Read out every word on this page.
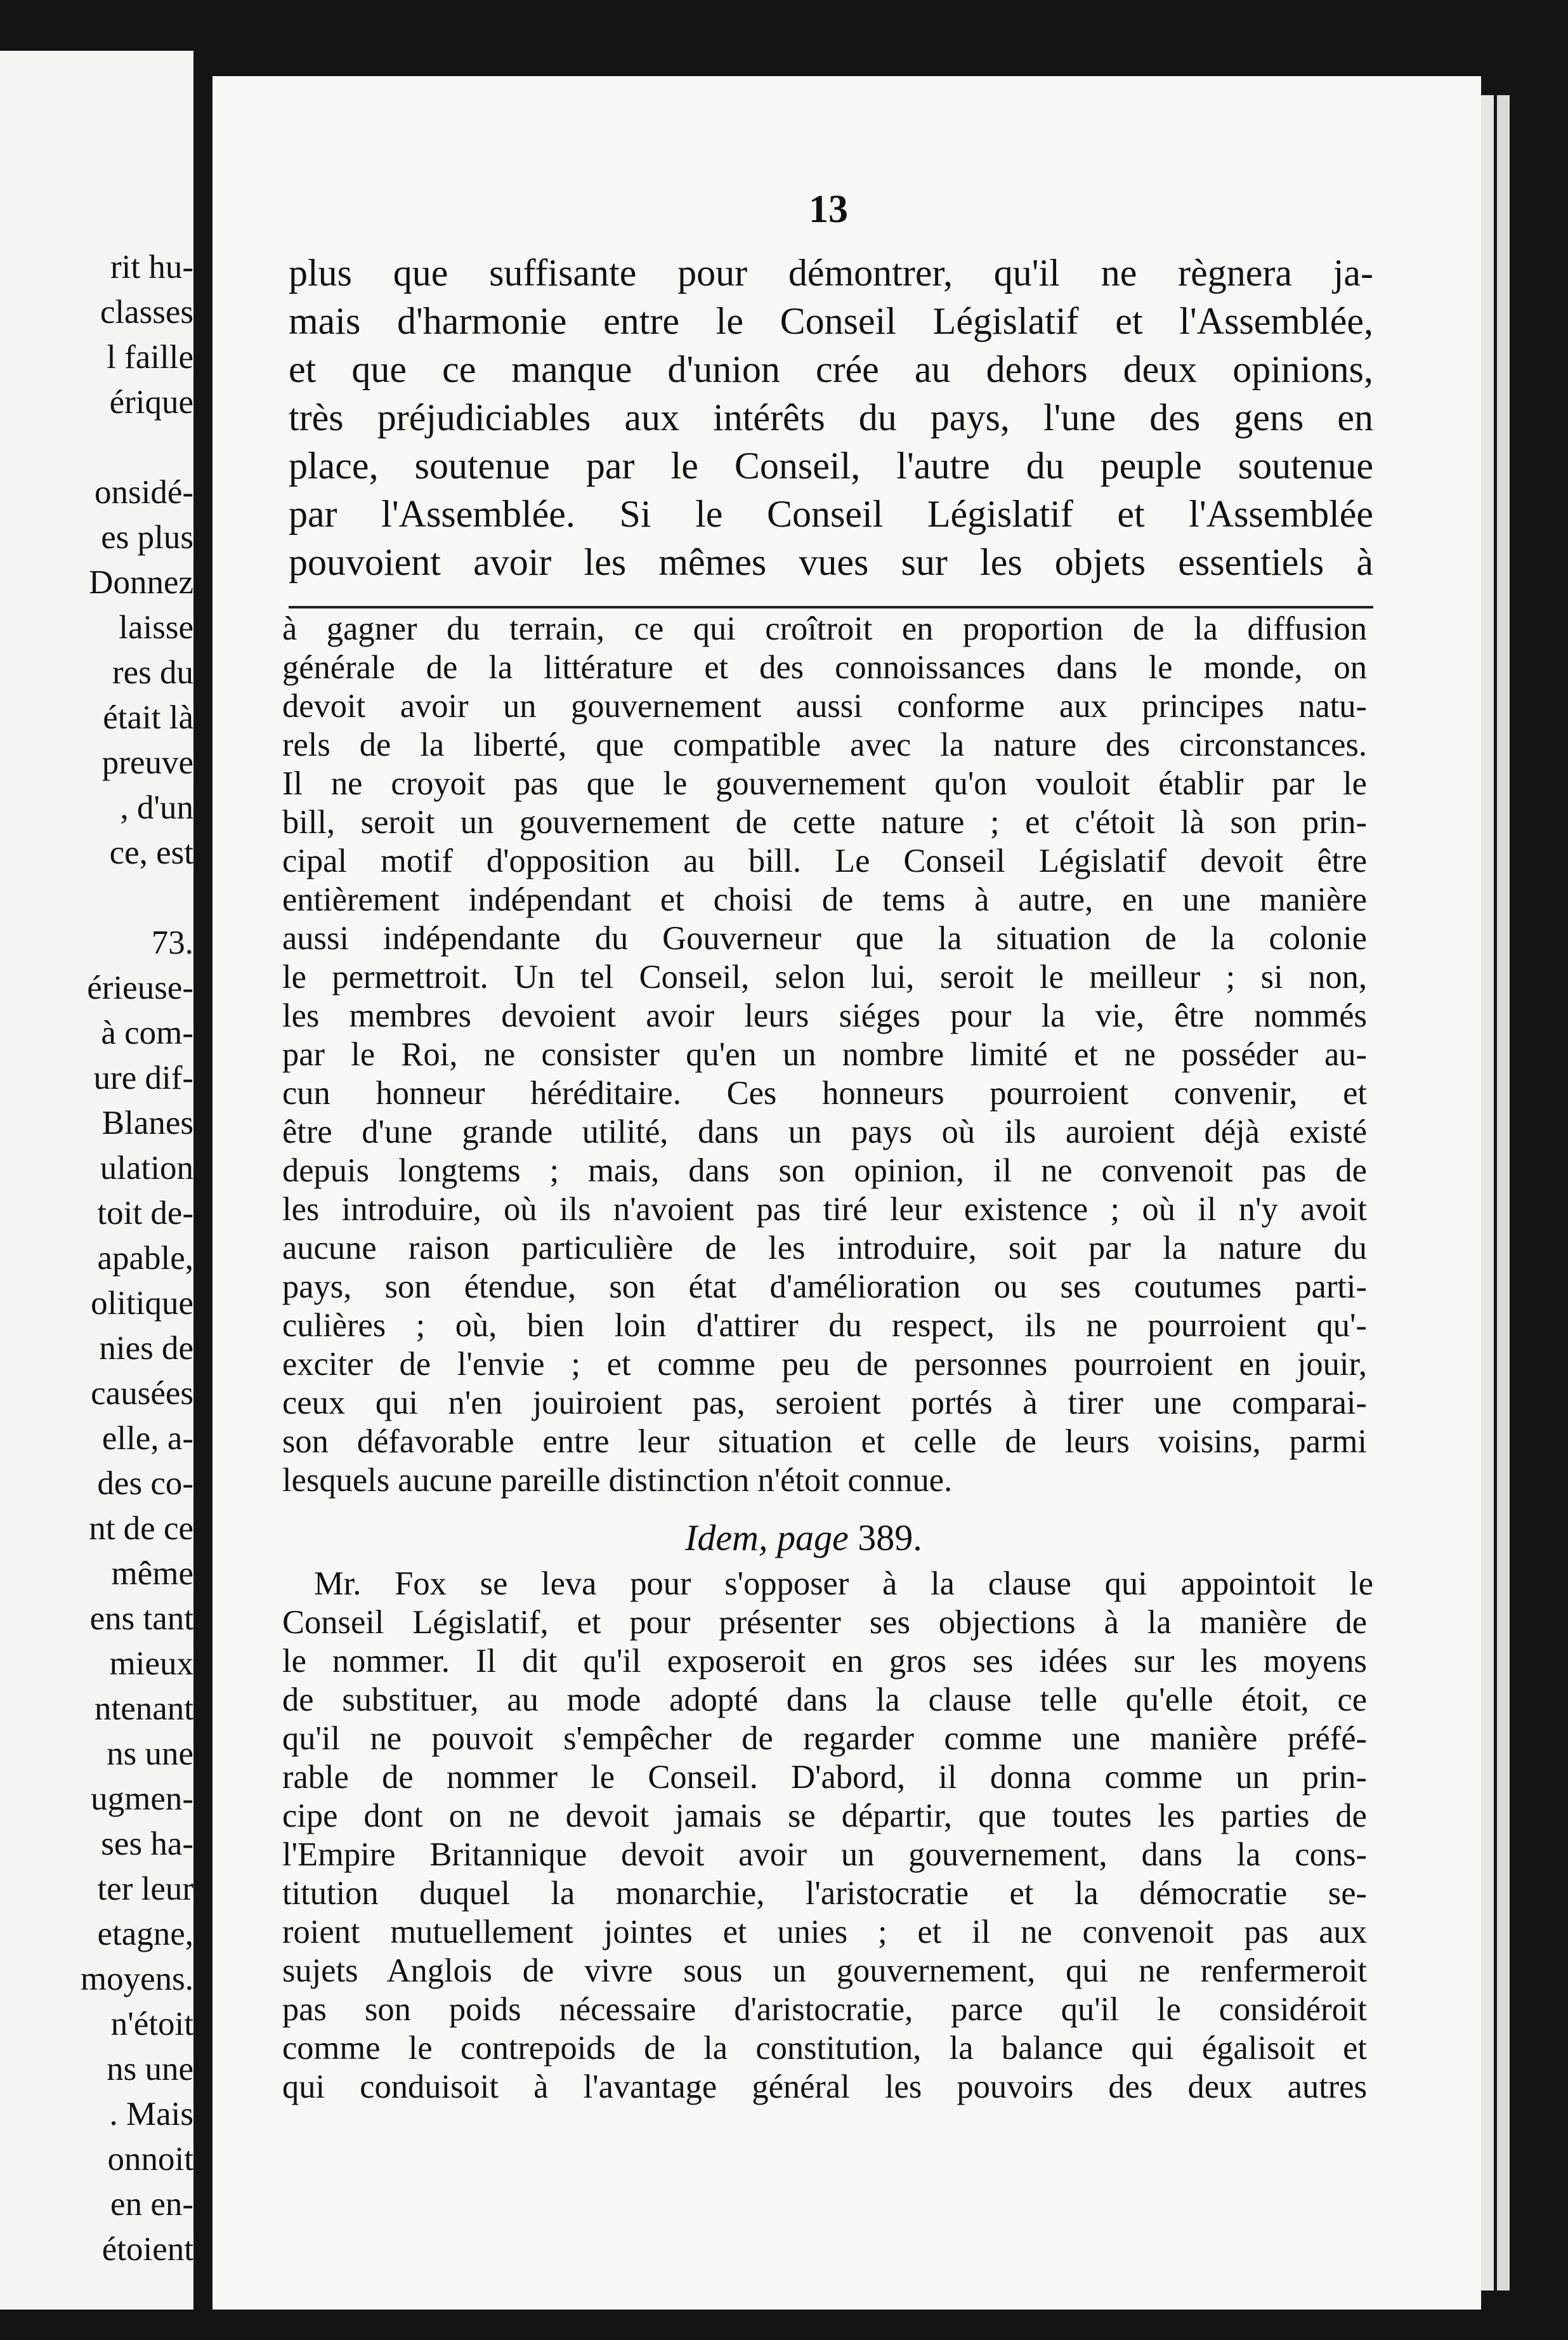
rit hu-
classes
l faille
érique
onsidé-
es plus
Donnez
laisse
res du
était là
preuve
, d'un
ce, est
73.
érieuse-
à com-
ure dif-
Blanes
ulation
toit de-
apable,
olitique
nies de
causées
elle, a-
des co-
nt de ce
même
ens tant
mieux
ntenant
ns une
ugmen-
ses ha-
ter leur
etagne,
moyens.
n'étoit
ns une
. Mais
onnoit
en en-
étoient
13
plus que suffisante pour démontrer, qu'il ne règnera ja-
mais d'harmonie entre le Conseil Législatif et l'Assemblée,
et que ce manque d'union crée au dehors deux opinions,
très préjudiciables aux intérêts du pays, l'une des gens en
place, soutenue par le Conseil, l'autre du peuple soutenue
par l'Assemblée. Si le Conseil Législatif et l'Assemblée
pouvoient avoir les mêmes vues sur les objets essentiels à
à gagner du terrain, ce qui croîtroit en proportion de la diffusion
générale de la littérature et des connoissances dans le monde, on
devoit avoir un gouvernement aussi conforme aux principes natu-
rels de la liberté, que compatible avec la nature des circonstances.
Il ne croyoit pas que le gouvernement qu'on vouloit établir par le
bill, seroit un gouvernement de cette nature ; et c'étoit là son prin-
cipal motif d'opposition au bill. Le Conseil Législatif devoit être
entièrement indépendant et choisi de tems à autre, en une manière
aussi indépendante du Gouverneur que la situation de la colonie
le permettroit. Un tel Conseil, selon lui, seroit le meilleur ; si non,
les membres devoient avoir leurs siéges pour la vie, être nommés
par le Roi, ne consister qu'en un nombre limité et ne posséder au-
cun honneur héréditaire. Ces honneurs pourroient convenir, et
être d'une grande utilité, dans un pays où ils auroient déjà existé
depuis longtems ; mais, dans son opinion, il ne convenoit pas de
les introduire, où ils n'avoient pas tiré leur existence ; où il n'y avoit
aucune raison particulière de les introduire, soit par la nature du
pays, son étendue, son état d'amélioration ou ses coutumes parti-
culières ; où, bien loin d'attirer du respect, ils ne pourroient qu'-
exciter de l'envie ; et comme peu de personnes pourroient en jouir,
ceux qui n'en jouiroient pas, seroient portés à tirer une comparai-
son défavorable entre leur situation et celle de leurs voisins, parmi
lesquels aucune pareille distinction n'étoit connue.
Idem, page 389.
Mr. Fox se leva pour s'opposer à la clause qui appointoit le
Conseil Législatif, et pour présenter ses objections à la manière de
le nommer. Il dit qu'il exposeroit en gros ses idées sur les moyens
de substituer, au mode adopté dans la clause telle qu'elle étoit, ce
qu'il ne pouvoit s'empêcher de regarder comme une manière préfé-
rable de nommer le Conseil. D'abord, il donna comme un prin-
cipe dont on ne devoit jamais se départir, que toutes les parties de
l'Empire Britannique devoit avoir un gouvernement, dans la cons-
titution duquel la monarchie, l'aristocratie et la démocratie se-
roient mutuellement jointes et unies ; et il ne convenoit pas aux
sujets Anglois de vivre sous un gouvernement, qui ne renfermeroit
pas son poids nécessaire d'aristocratie, parce qu'il le considéroit
comme le contrepoids de la constitution, la balance qui égalisoit et
qui conduisoit à l'avantage général les pouvoirs des deux autres
